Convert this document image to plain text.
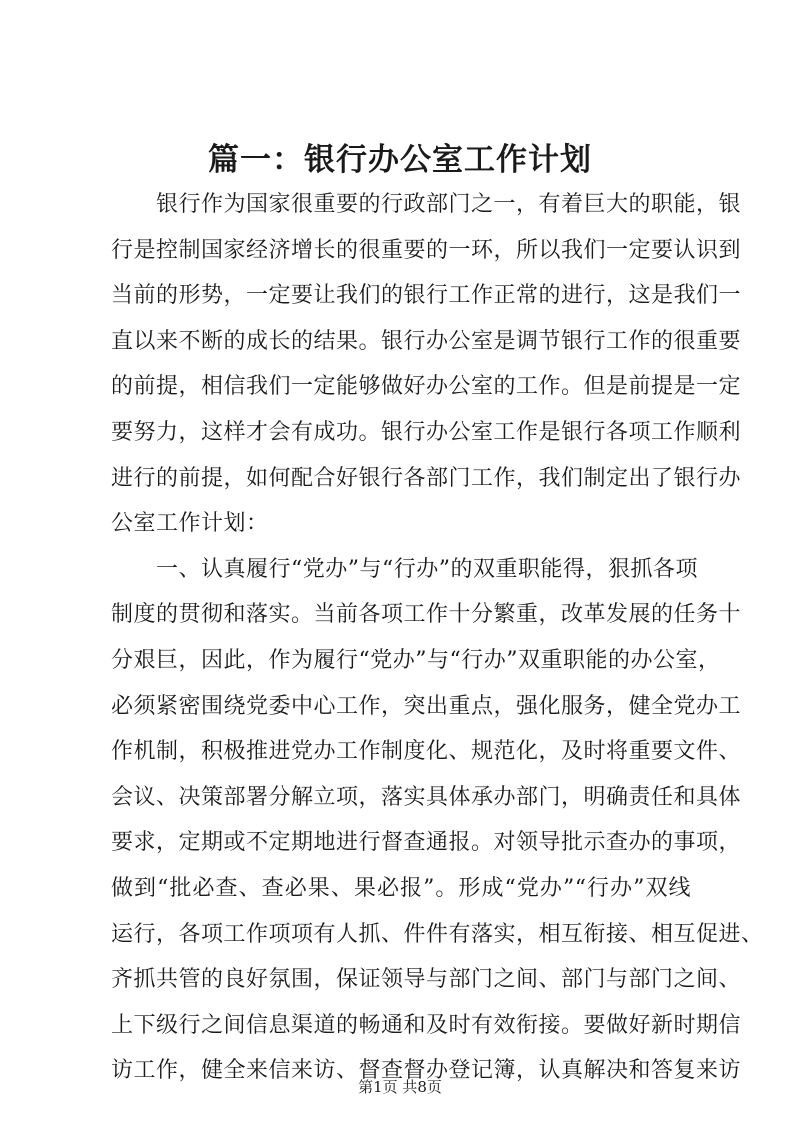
篇一：银行办公室工作计划
　　银行作为国家很重要的行政部门之一，有着巨大的职能，银
行是控制国家经济增长的很重要的一环，所以我们一定要认识到
当前的形势，一定要让我们的银行工作正常的进行，这是我们一
直以来不断的成长的结果。银行办公室是调节银行工作的很重要
的前提，相信我们一定能够做好办公室的工作。但是前提是一定
要努力，这样才会有成功。银行办公室工作是银行各项工作顺利
进行的前提，如何配合好银行各部门工作，我们制定出了银行办
公室工作计划：
　　一、认真履行“党办”与“行办”的双重职能得，狠抓各项
制度的贯彻和落实。当前各项工作十分繁重，改革发展的任务十
分艰巨，因此，作为履行“党办”与“行办”双重职能的办公室，
必须紧密围绕党委中心工作，突出重点，强化服务，健全党办工
作机制，积极推进党办工作制度化、规范化，及时将重要文件、
会议、决策部署分解立项，落实具体承办部门，明确责任和具体
要求，定期或不定期地进行督查通报。对领导批示查办的事项，
做到“批必查、查必果、果必报”。形成“党办”“行办”双线
运行，各项工作项项有人抓、件件有落实，相互衔接、相互促进、
齐抓共管的良好氛围，保证领导与部门之间、部门与部门之间、
上下级行之间信息渠道的畅通和及时有效衔接。要做好新时期信
访工作，健全来信来访、督查督办登记簿，认真解决和答复来访
第1页 共8页
